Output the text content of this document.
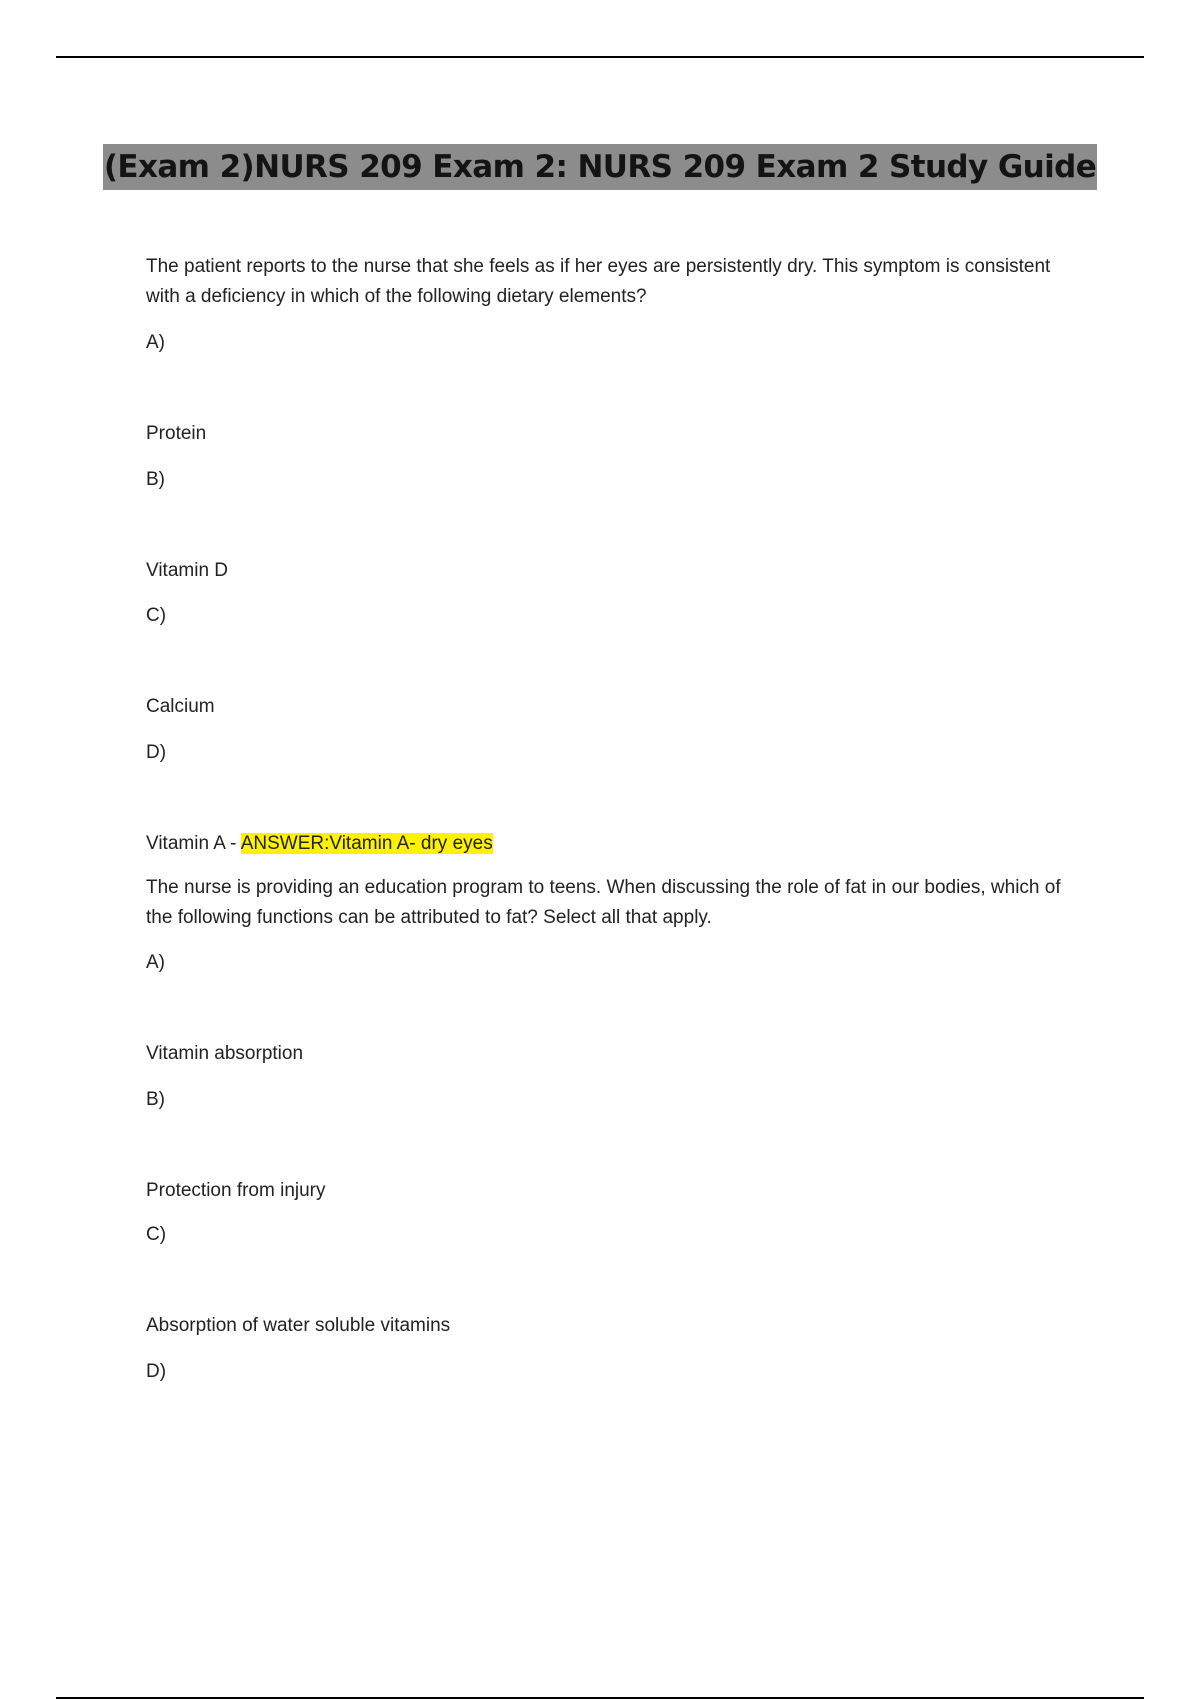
(Exam 2)NURS 209 Exam 2: NURS 209 Exam 2 Study Guide
The patient reports to the nurse that she feels as if her eyes are persistently dry. This symptom is consistent with a deficiency in which of the following dietary elements?
A)
Protein
B)
Vitamin D
C)
Calcium
D)
Vitamin A - ANSWER:Vitamin A- dry eyes
The nurse is providing an education program to teens. When discussing the role of fat in our bodies, which of the following functions can be attributed to fat? Select all that apply.
A)
Vitamin absorption
B)
Protection from injury
C)
Absorption of water soluble vitamins
D)
